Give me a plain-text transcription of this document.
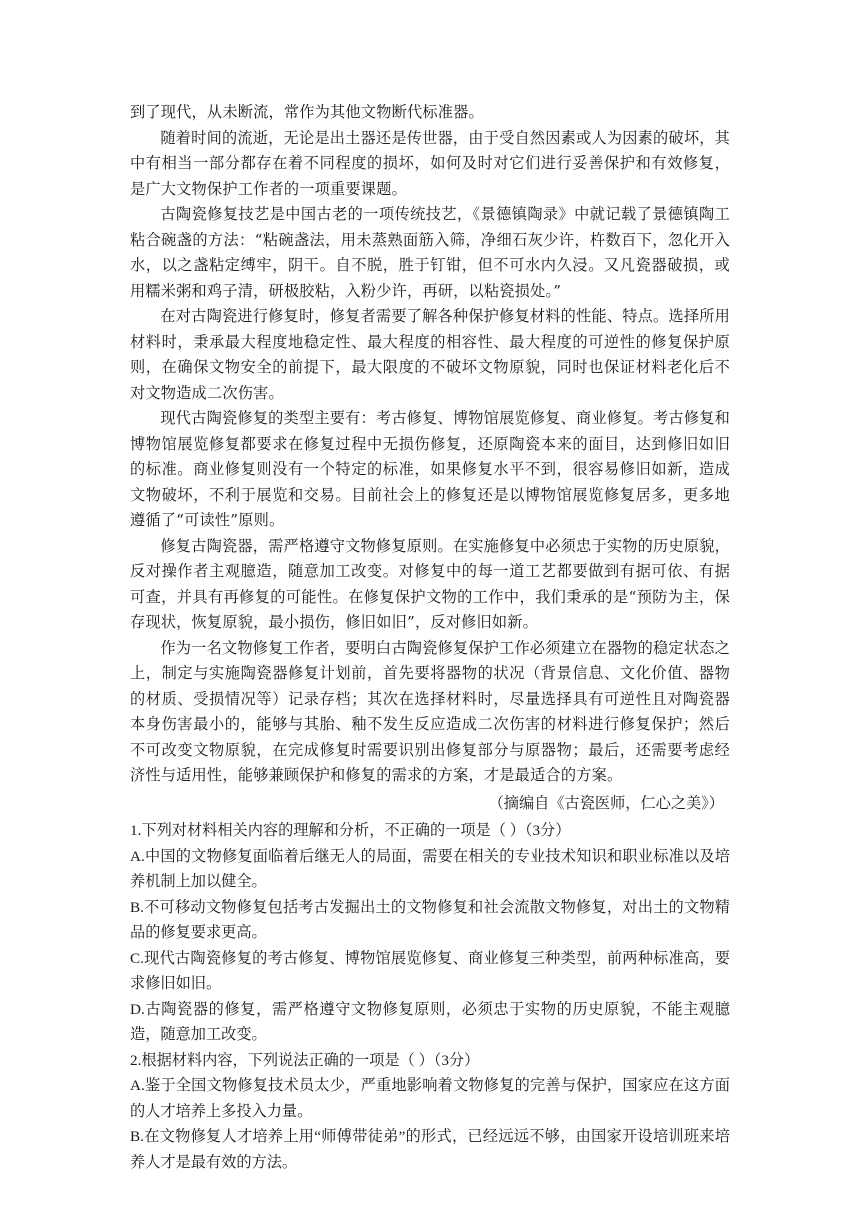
到了现代，从未断流，常作为其他文物断代标准器。

随着时间的流逝，无论是出土器还是传世器，由于受自然因素或人为因素的破坏，其中有相当一部分都存在着不同程度的损坏，如何及时对它们进行妥善保护和有效修复，是广大文物保护工作者的一项重要课题。

古陶瓷修复技艺是中国古老的一项传统技艺，《景德镇陶录》中就记载了景德镇陶工粘合碗盏的方法：“粘碗盏法，用未蒸熟面筋入筛，净细石灰少许，杵数百下，忽化开入水，以之盏粘定缚牢，阴干。自不脱，胜于钉钳，但不可水内久浸。又凡瓷器破损，或用糯米粥和鸡子清，研极胶粘，入粉少许，再研，以粘瓷损处。”

在对古陶瓷进行修复时，修复者需要了解各种保护修复材料的性能、特点。选择所用材料时，秉承最大程度地稳定性、最大程度的相容性、最大程度的可逆性的修复保护原则，在确保文物安全的前提下，最大限度的不破坏文物原貌，同时也保证材料老化后不对文物造成二次伤害。

现代古陶瓷修复的类型主要有：考古修复、博物馆展览修复、商业修复。考古修复和博物馆展览修复都要求在修复过程中无损伤修复，还原陶瓷本来的面目，达到修旧如旧的标准。商业修复则没有一个特定的标准，如果修复水平不到，很容易修旧如新，造成文物破坏，不利于展览和交易。目前社会上的修复还是以博物馆展览修复居多，更多地遵循了“可读性”原则。

修复古陶瓷器，需严格遵守文物修复原则。在实施修复中必须忠于实物的历史原貌，反对操作者主观臆造，随意加工改变。对修复中的每一道工艺都要做到有据可依、有据可查，并具有再修复的可能性。在修复保护文物的工作中，我们秉承的是“预防为主，保存现状，恢复原貌，最小损伤，修旧如旧”，反对修旧如新。

作为一名文物修复工作者，要明白古陶瓷修复保护工作必须建立在器物的稳定状态之上，制定与实施陶瓷器修复计划前，首先要将器物的状况（背景信息、文化价值、器物的材质、受损情况等）记录存档；其次在选择材料时，尽量选择具有可逆性且对陶瓷器本身伤害最小的，能够与其胎、釉不发生反应造成二次伤害的材料进行修复保护；然后不可改变文物原貌，在完成修复时需要识别出修复部分与原器物；最后，还需要考虑经济性与适用性，能够兼顾保护和修复的需求的方案，才是最适合的方案。

（摘编自《古瓷医师，仁心之美》）

1.下列对材料相关内容的理解和分析，不正确的一项是（ ）（3分）

A.中国的文物修复面临着后继无人的局面，需要在相关的专业技术知识和职业标准以及培养机制上加以健全。

B.不可移动文物修复包括考古发掘出土的文物修复和社会流散文物修复，对出土的文物精品的修复要求更高。

C.现代古陶瓷修复的考古修复、博物馆展览修复、商业修复三种类型，前两种标准高，要求修旧如旧。

D.古陶瓷器的修复，需严格遵守文物修复原则，必须忠于实物的历史原貌，不能主观臆造，随意加工改变。

2.根据材料内容，下列说法正确的一项是（ ）（3分）

A.鉴于全国文物修复技术员太少，严重地影响着文物修复的完善与保护，国家应在这方面的人才培养上多投入力量。

B.在文物修复人才培养上用“师傅带徒弟”的形式，已经远远不够，由国家开设培训班来培养人才是最有效的方法。
